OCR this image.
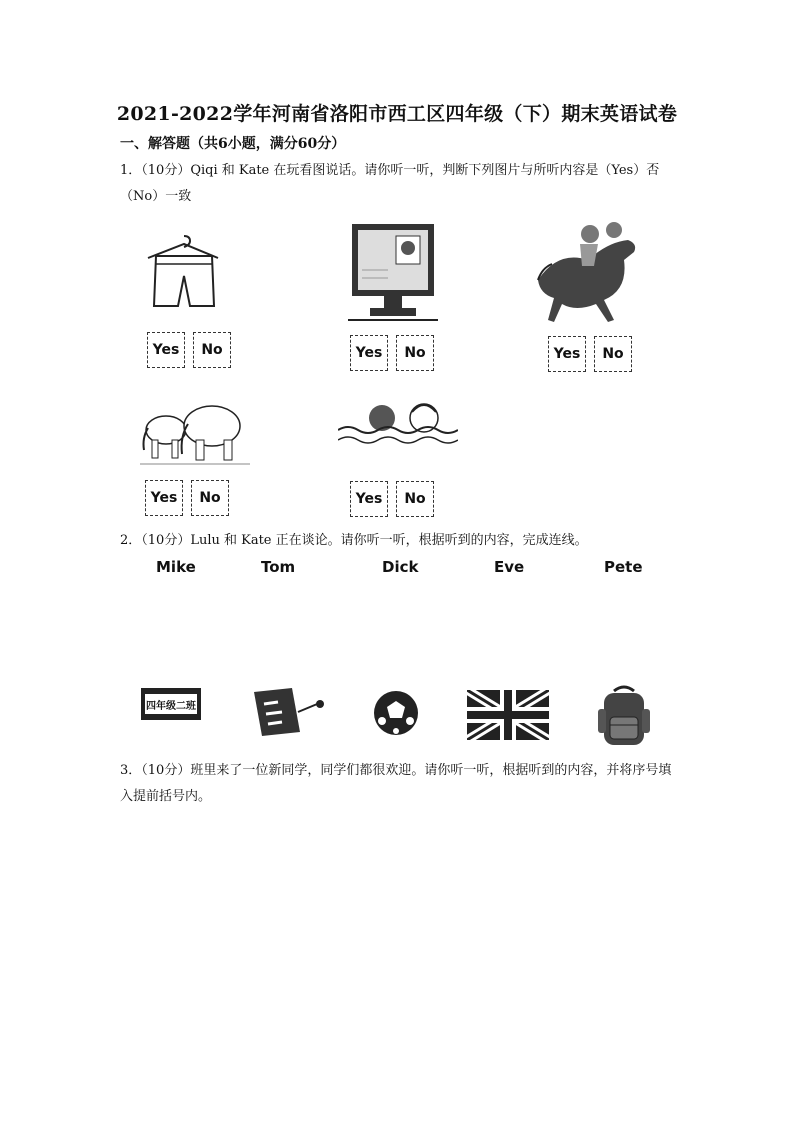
2021-2022学年河南省洛阳市西工区四年级（下）期末英语试卷
一、解答题（共6小题，满分60分）
1．（10分）Qiqi 和 Kate 在玩看图说话。请你听一听，判断下列图片与所听内容是（Yes）否（No）一致
Yes	No	Yes	No	Yes	No
Yes	No	Yes	No
2．（10分）Lulu 和 Kate 正在谈论。请你听一听，根据听到的内容，完成连线。
Mike	Tom	Dick	Eve	Pete
四年级二班
3．（10分）班里来了一位新同学，同学们都很欢迎。请你听一听，根据听到的内容，并将序号填入提前括号内。
